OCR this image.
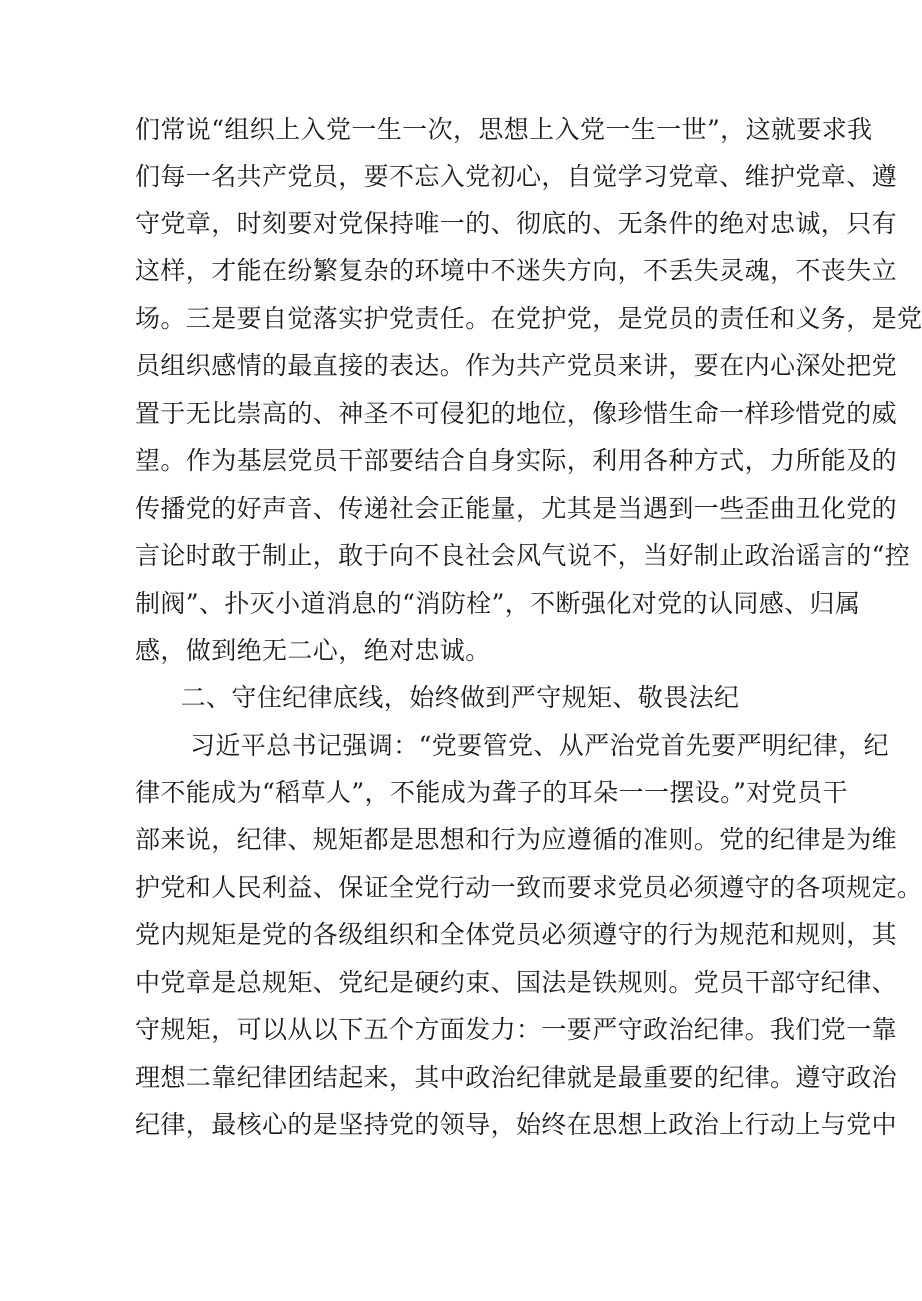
们常说“组织上入党一生一次，思想上入党一生一世”，这就要求我
们每一名共产党员，要不忘入党初心，自觉学习党章、维护党章、遵
守党章，时刻要对党保持唯一的、彻底的、无条件的绝对忠诚，只有
这样，才能在纷繁复杂的环境中不迷失方向，不丢失灵魂，不丧失立
场。三是要自觉落实护党责任。在党护党，是党员的责任和义务，是党
员组织感情的最直接的表达。作为共产党员来讲，要在内心深处把党
置于无比崇高的、神圣不可侵犯的地位，像珍惜生命一样珍惜党的威
望。作为基层党员干部要结合自身实际，利用各种方式，力所能及的
传播党的好声音、传递社会正能量，尤其是当遇到一些歪曲丑化党的
言论时敢于制止，敢于向不良社会风气说不，当好制止政治谣言的“控
制阀”、扑灭小道消息的“消防栓”，不断强化对党的认同感、归属
感，做到绝无二心，绝对忠诚。
二、守住纪律底线，始终做到严守规矩、敬畏法纪
习近平总书记强调：“党要管党、从严治党首先要严明纪律，纪
律不能成为“稻草人”，不能成为聋子的耳朵一一摆设。”对党员干
部来说，纪律、规矩都是思想和行为应遵循的准则。党的纪律是为维
护党和人民利益、保证全党行动一致而要求党员必须遵守的各项规定。
党内规矩是党的各级组织和全体党员必须遵守的行为规范和规则，其
中党章是总规矩、党纪是硬约束、国法是铁规则。党员干部守纪律、
守规矩，可以从以下五个方面发力：一要严守政治纪律。我们党一靠
理想二靠纪律团结起来，其中政治纪律就是最重要的纪律。遵守政治
纪律，最核心的是坚持党的领导，始终在思想上政治上行动上与党中
